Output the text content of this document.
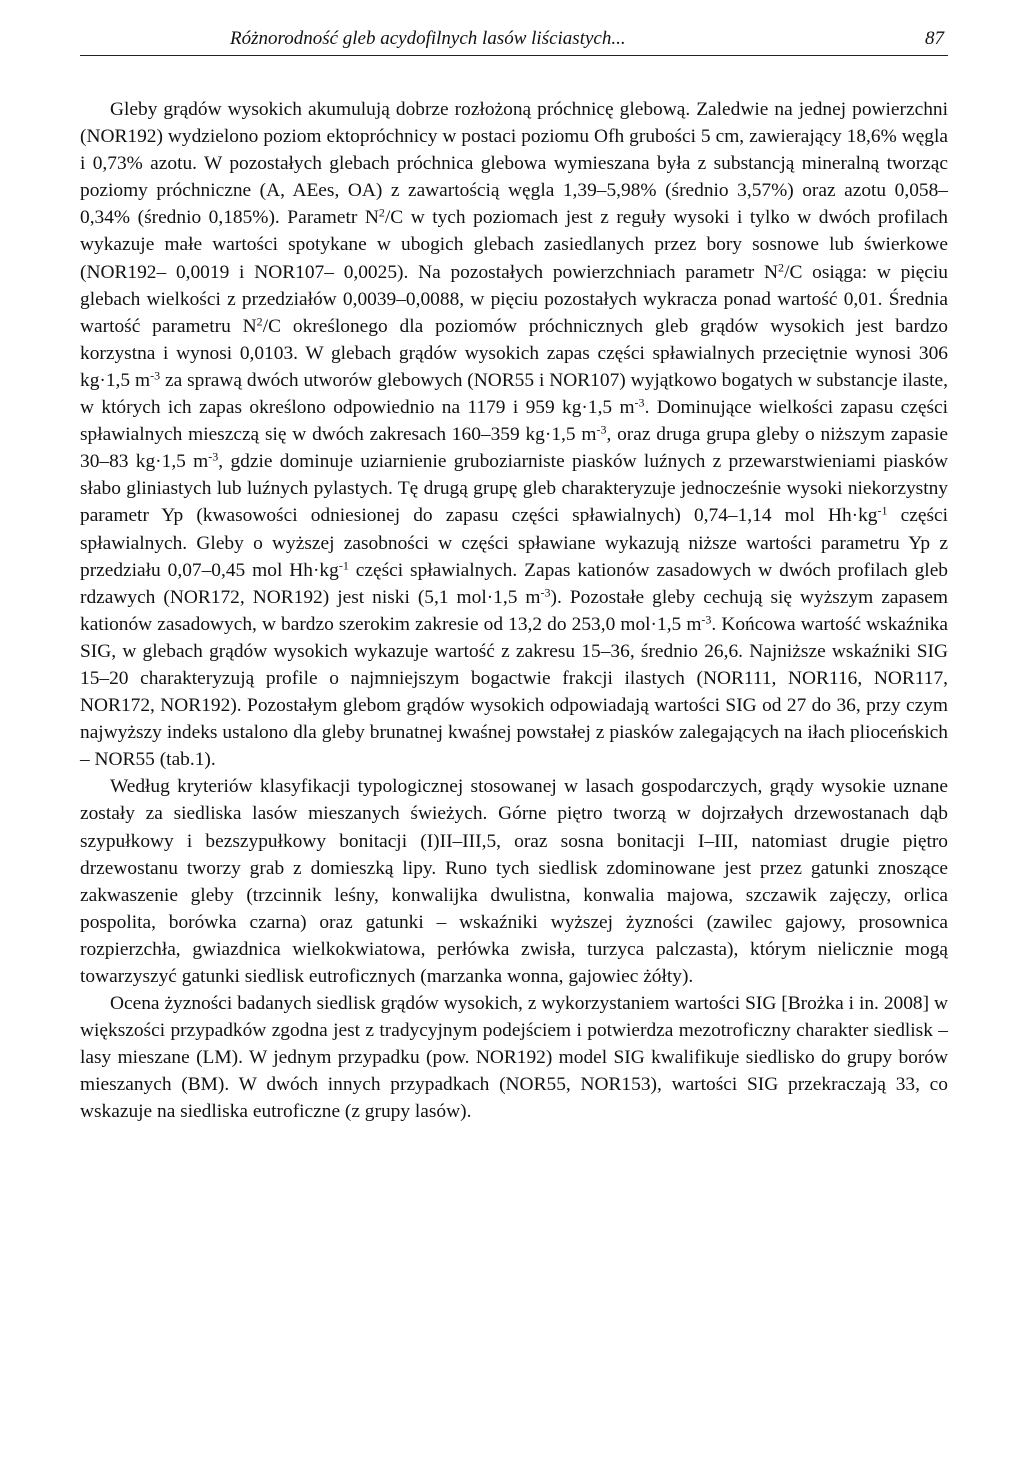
Różnorodność gleb acydofilnych lasów liściastych...	87

Gleby grądów wysokich akumulują dobrze rozłożoną próchnicę glebową. Zaledwie na jednej powierzchni (NOR192) wydzielono poziom ektopróchnicy w postaci poziomu Ofh grubości 5 cm, zawierający 18,6% węgla i 0,73% azotu. W pozostałych glebach próchnica glebowa wymieszana była z substancją mineralną tworząc poziomy próchniczne (A, AEes, OA) z zawartością węgla 1,39–5,98% (średnio 3,57%) oraz azotu 0,058–0,34% (średnio 0,185%). Parametr $N^2/C$ w tych poziomach jest z reguły wysoki i tylko w dwóch profilach wykazuje małe wartości spotykane w ubogich glebach zasiedlanych przez bory sosnowe lub świerkowe (NOR192– 0,0019 i NOR107– 0,0025). Na pozostałych powierzchniach parametr $N^2/C$ osiąga: w pięciu glebach wielkości z przedziałów 0,0039–0,0088, w pięciu pozostałych wykracza ponad wartość 0,01. Średnia wartość parametru $N^2/C$ określonego dla poziomów próchnicznych gleb grądów wysokich jest bardzo korzystna i wynosi 0,0103. W glebach grądów wysokich zapas części spławialnych przeciętnie wynosi 306 kg·1,5 $m^{-3}$ za sprawą dwóch utworów glebowych (NOR55 i NOR107) wyjątkowo bogatych w substancje ilaste, w których ich zapas określono odpowiednio na 1179 i 959 kg·1,5 $m^{-3}$. Dominujące wielkości zapasu części spławialnych mieszczą się w dwóch zakresach 160–359 kg·1,5 $m^{-3}$, oraz druga grupa gleby o niższym zapasie 30–83 kg·1,5 $m^{-3}$, gdzie dominuje uziarnienie gruboziarniste piasków luźnych z przewarstwieniami piasków słabo gliniastych lub luźnych pylastych. Tę drugą grupę gleb charakteryzuje jednocześnie wysoki niekorzystny parametr Yp (kwasowości odniesionej do zapasu części spławialnych) 0,74–1,14 mol $Hh\cdot kg^{-1}$ części spławialnych. Gleby o wyższej zasobności w części spławiane wykazują niższe wartości parametru Yp z przedziału 0,07–0,45 mol $Hh\cdot kg^{-1}$ części spławialnych. Zapas kationów zasadowych w dwóch profilach gleb rdzawych (NOR172, NOR192) jest niski (5,1 mol·1,5 $m^{-3}$). Pozostałe gleby cechują się wyższym zapasem kationów zasadowych, w bardzo szerokim zakresie od 13,2 do 253,0 mol·1,5 $m^{-3}$. Końcowa wartość wskaźnika SIG, w glebach grądów wysokich wykazuje wartość z zakresu 15–36, średnio 26,6. Najniższe wskaźniki SIG 15–20 charakteryzują profile o najmniejszym bogactwie frakcji ilastych (NOR111, NOR116, NOR117, NOR172, NOR192). Pozostałym glebom grądów wysokich odpowiadają wartości SIG od 27 do 36, przy czym najwyższy indeks ustalono dla gleby brunatnej kwaśnej powstałej z piasków zalegających na iłach plioceńskich – NOR55 (tab.1).

Według kryteriów klasyfikacji typologicznej stosowanej w lasach gospodarczych, grądy wysokie uznane zostały za siedliska lasów mieszanych świeżych. Górne piętro tworzą w dojrzałych drzewostanach dąb szypułkowy i bezszypułkowy bonitacji (I)II–III,5, oraz sosna bonitacji I–III, natomiast drugie piętro drzewostanu tworzy grab z domieszką lipy. Runo tych siedlisk zdominowane jest przez gatunki znoszące zakwaszenie gleby (trzcinnik leśny, konwalijka dwulistna, konwalia majowa, szczawik zajęczy, orlica pospolita, borówka czarna) oraz gatunki – wskaźniki wyższej żyzności (zawilec gajowy, prosownica rozpierzchła, gwiazdnica wielkokwiatowa, perłówka zwisła, turzyca palczasta), którym nielicznie mogą towarzyszyć gatunki siedlisk eutroficznych (marzanka wonna, gajowiec żółty).

Ocena żyzności badanych siedlisk grądów wysokich, z wykorzystaniem wartości SIG [Brożka i in. 2008] w większości przypadków zgodna jest z tradycyjnym podejściem i potwierdza mezotroficzny charakter siedlisk – lasy mieszane (LM). W jednym przypadku (pow. NOR192) model SIG kwalifikuje siedlisko do grupy borów mieszanych (BM). W dwóch innych przypadkach (NOR55, NOR153), wartości SIG przekraczają 33, co wskazuje na siedliska eutroficzne (z grupy lasów).
